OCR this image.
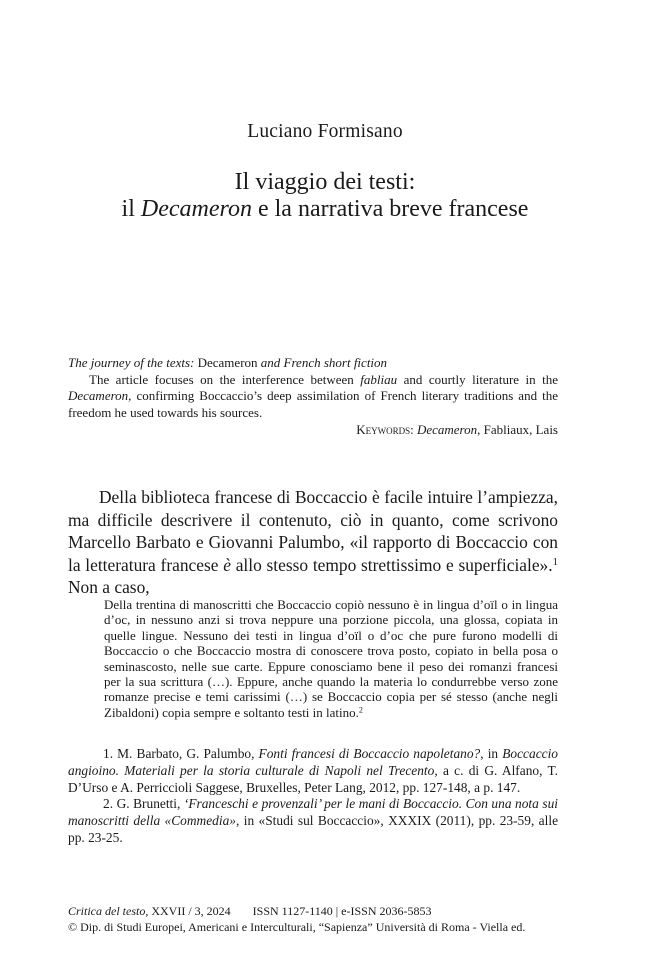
Luciano Formisano
Il viaggio dei testi:
il Decameron e la narrativa breve francese

The journey of the texts: Decameron and French short fiction

The article focuses on the interference between fabliau and courtly literature in the Decameron, confirming Boccaccio’s deep assimilation of French literary traditions and the freedom he used towards his sources.

Keywords: Decameron, Fabliaux, Lais

Della biblioteca francese di Boccaccio è facile intuire l’ampiezza, ma difficile descrivere il contenuto, ciò in quanto, come scrivono Marcello Barbato e Giovanni Palumbo, «il rapporto di Boccaccio con la letteratura francese è allo stesso tempo strettissimo e superficiale».$^1$ Non a caso,

Della trentina di manoscritti che Boccaccio copiò nessuno è in lingua d’oïl o in lingua d’oc, in nessuno anzi si trova neppure una porzione piccola, una glossa, copiata in quelle lingue. Nessuno dei testi in lingua d’oïl o d’oc che pure furono modelli di Boccaccio o che Boccaccio mostra di conoscere trova posto, copiato in bella posa o seminascosto, nelle sue carte. Eppure conosciamo bene il peso dei romanzi francesi per la sua scrittura (…). Eppure, anche quando la materia lo condurrebbe verso zone romanze precise e temi carissimi (…) se Boccaccio copia per sé stesso (anche negli Zibaldoni) copia sempre e soltanto testi in latino.$^2$

1. M. Barbato, G. Palumbo, Fonti francesi di Boccaccio napoletano?, in Boccaccio angioino. Materiali per la storia culturale di Napoli nel Trecento, a c. di G. Alfano, T. D’Urso e A. Perriccioli Saggese, Bruxelles, Peter Lang, 2012, pp. 127-148, a p. 147.

2. G. Brunetti, ‘Franceschi e provenzali’ per le mani di Boccaccio. Con una nota sui manoscritti della «Commedia», in «Studi sul Boccaccio», XXXIX (2011), pp. 23-59, alle pp. 23-25.

Critica del testo, XXVII / 3, 2024 ISSN 1127-1140 | e-ISSN 2036-5853
© Dip. di Studi Europei, Americani e Interculturali, “Sapienza” Università di Roma - Viella ed.
